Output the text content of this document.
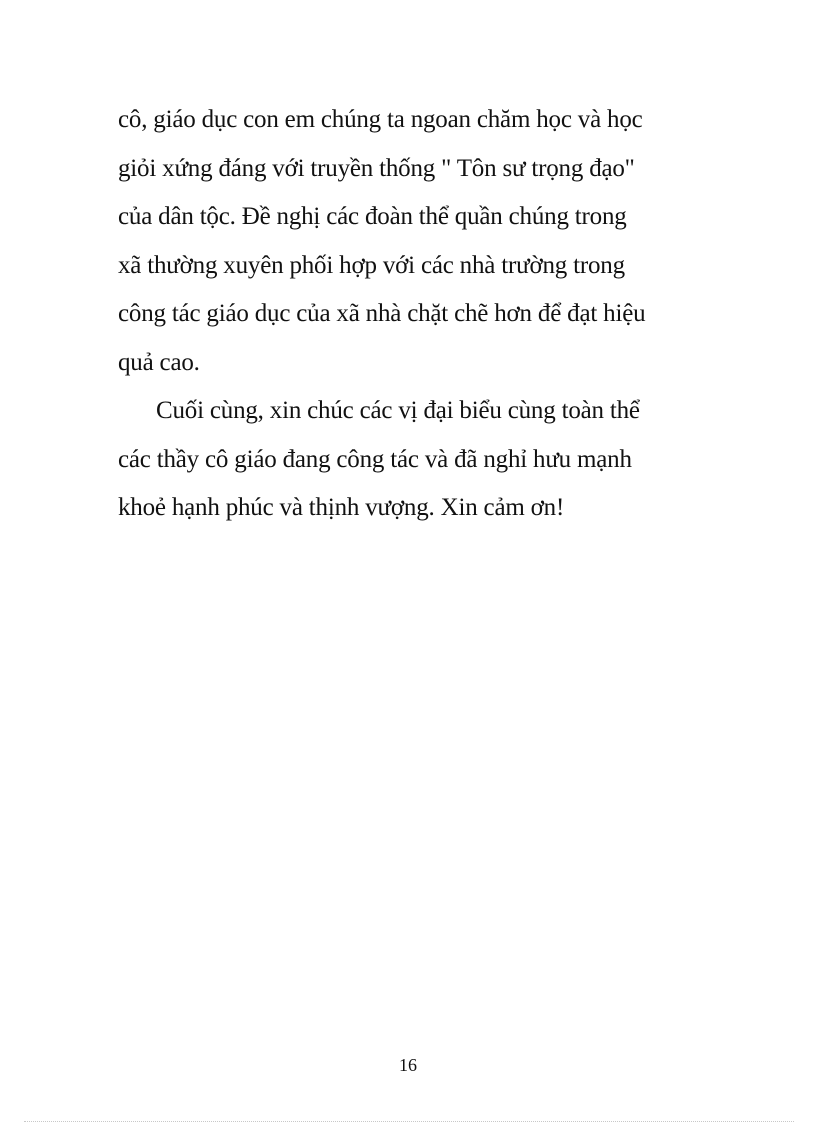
cô, giáo dục con em chúng ta ngoan chăm học và học
giỏi xứng đáng với truyền thống " Tôn sư trọng đạo"
của dân tộc. Đề nghị các đoàn thể quần chúng trong
xã thường xuyên phối hợp với các nhà trường trong
công tác giáo dục của xã nhà chặt chẽ hơn để đạt hiệu
quả cao.
Cuối cùng, xin chúc các vị đại biểu cùng toàn thể
các thầy cô giáo đang công tác và đã nghỉ hưu mạnh
khoẻ hạnh phúc và thịnh vượng. Xin cảm ơn!
16
